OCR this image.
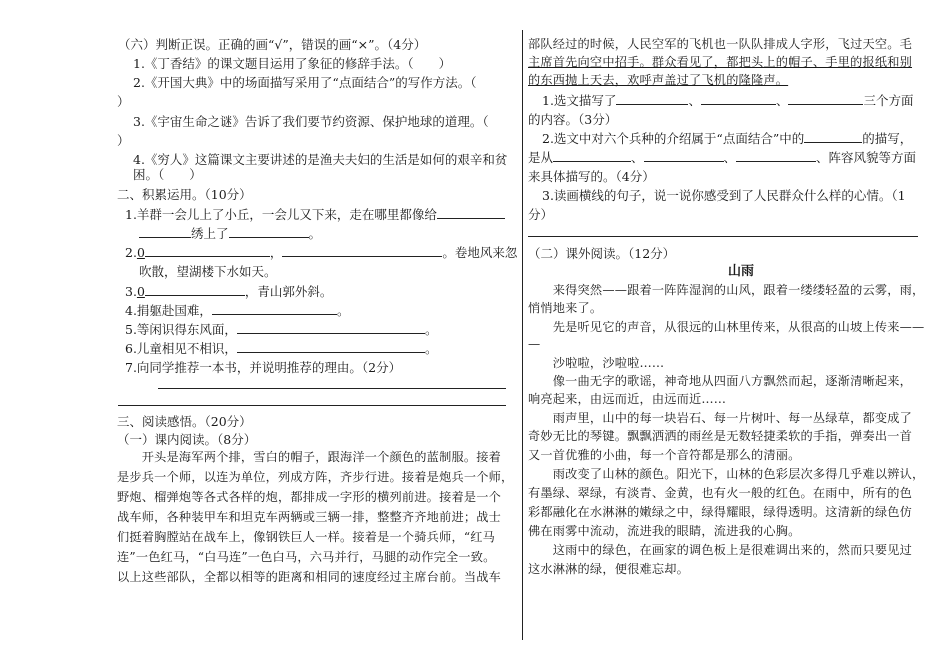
（六）判断正误。正确的画“√”，错误的画“×”。（4分）
1.《丁香结》的课文题目运用了象征的修辞手法。（　　）
2.《开国大典》中的场面描写采用了“点面结合”的写作方法。（
）
3.《宇宙生命之谜》告诉了我们要节约资源、保护地球的道理。（
）
4.《穷人》这篇课文主要讲述的是渔夫夫妇的生活是如何的艰辛和贫
困。（　　）
二、积累运用。（10分）
1.羊群一会儿上了小丘，一会儿又下来，走在哪里都像给
绣上了	。
2.0	，	。卷地风来忽
吹散，望湖楼下水如天。
3.0	，青山郭外斜。
4.捐躯赴国难，	。
5.等闲识得东风面，	。
6.儿童相见不相识，	。
7.向同学推荐一本书，并说明推荐的理由。（2分）
三、阅读感悟。（20分）
（一）课内阅读。（8分）
　　开头是海军两个排，雪白的帽子，跟海洋一个颜色的蓝制服。接着
是步兵一个师，以连为单位，列成方阵，齐步行进。接着是炮兵一个师，
野炮、榴弹炮等各式各样的炮，都排成一字形的横列前进。接着是一个
战车师，各种装甲车和坦克车两辆或三辆一排，整整齐齐地前进；战士
们挺着胸膛站在战车上，像钢铁巨人一样。接着是一个骑兵师，“红马
连”一色红马，“白马连”一色白马，六马并行，马腿的动作完全一致。
以上这些部队，全都以相等的距离和相同的速度经过主席台前。当战车
部队经过的时候，人民空军的飞机也一队队排成人字形，飞过天空。毛
主席首先向空中招手。群众看见了，都把头上的帽子、手里的报纸和别
的东西抛上天去，欢呼声盖过了飞机的隆隆声。
1.选文描写了	、	、	三个方面
的内容。（3分）
2.选文中对六个兵种的介绍属于“点面结合”中的	的描写，
是从	、	、	、阵容风貌等方面
来具体描写的。（4分）
3.读画横线的句子，说一说你感受到了人民群众什么样的心情。（1
分）
（二）课外阅读。（12分）
山雨
　　来得突然——跟着一阵阵湿润的山风，跟着一缕缕轻盈的云雾，雨，
悄悄地来了。
　　先是听见它的声音，从很远的山林里传来，从很高的山坡上传来——
—
　　沙啦啦，沙啦啦……
　　像一曲无字的歌谣，神奇地从四面八方飘然而起，逐渐清晰起来，
响亮起来，由远而近，由远而近……
　　雨声里，山中的每一块岩石、每一片树叶、每一丛绿草，都变成了
奇妙无比的琴键。飘飘洒洒的雨丝是无数轻捷柔软的手指，弹奏出一首
又一首优雅的小曲，每一个音符都是那么的清丽。
　　雨改变了山林的颜色。阳光下，山林的色彩层次多得几乎难以辨认，
有墨绿、翠绿，有淡青、金黄，也有火一般的红色。在雨中，所有的色
彩都融化在水淋淋的嫩绿之中，绿得耀眼，绿得透明。这清新的绿色仿
佛在雨雾中流动，流进我的眼睛，流进我的心胸。
　　这雨中的绿色，在画家的调色板上是很难调出来的，然而只要见过
这水淋淋的绿，便很难忘却。
